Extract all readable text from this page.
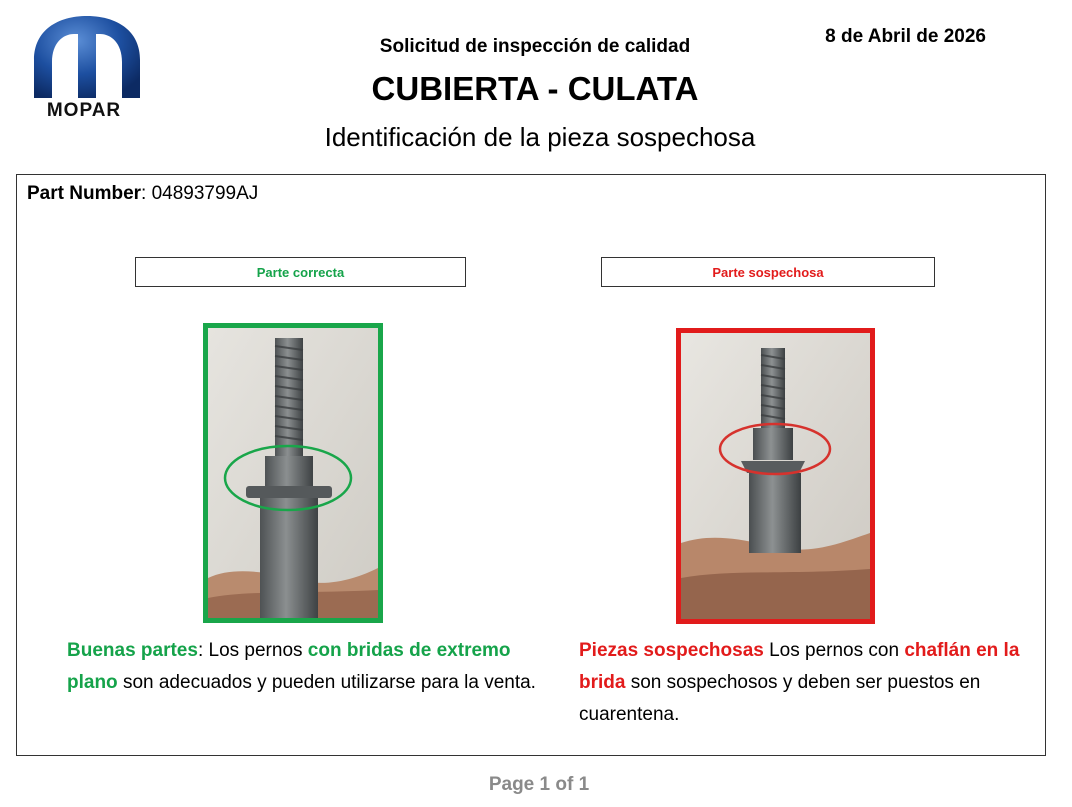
MOPAR
Solicitud de inspección de calidad	8 de Abril de 2026
CUBIERTA - CULATA
Identificación de la pieza sospechosa
Part Number: 04893799AJ
Parte correcta	Parte sospechosa
Buenas partes: Los pernos con bridas de extremo plano son adecuados y pueden utilizarse para la venta.
Piezas sospechosas Los pernos con chaflán en la brida son sospechosos y deben ser puestos en cuarentena.
Page 1 of 1
